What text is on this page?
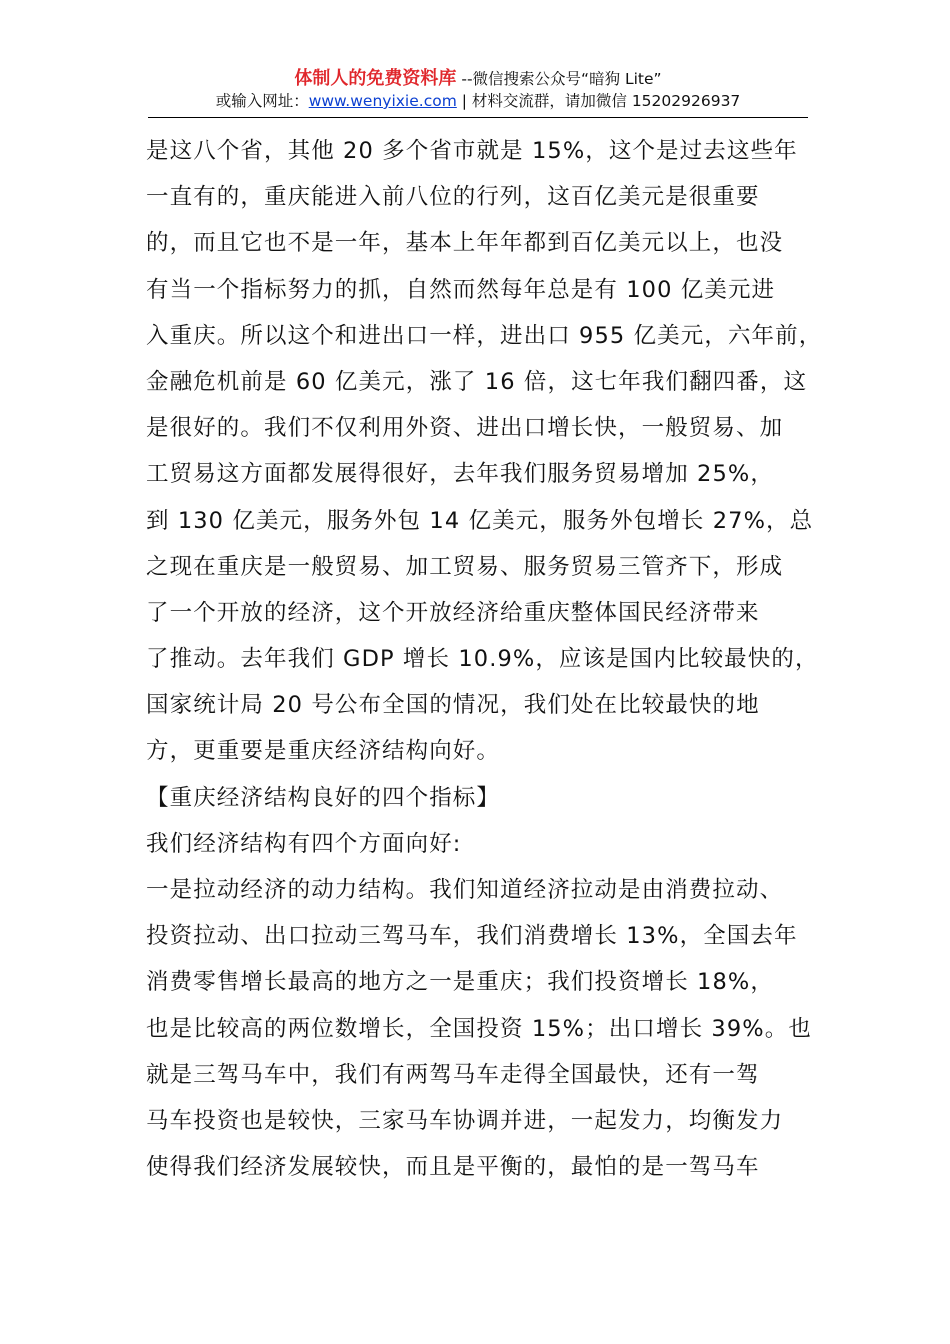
体制人的免费资料库 --微信搜索公众号“暗狗 Lite”
或输入网址：www.wenyixie.com | 材料交流群，请加微信 15202926937
是这八个省，其他 20 多个省市就是 15%，这个是过去这些年
一直有的，重庆能进入前八位的行列，这百亿美元是很重要
的，而且它也不是一年，基本上年年都到百亿美元以上，也没
有当一个指标努力的抓，自然而然每年总是有 100 亿美元进
入重庆。所以这个和进出口一样，进出口 955 亿美元，六年前，
金融危机前是 60 亿美元，涨了 16 倍，这七年我们翻四番，这
是很好的。我们不仅利用外资、进出口增长快，一般贸易、加
工贸易这方面都发展得很好，去年我们服务贸易增加 25%，
到 130 亿美元，服务外包 14 亿美元，服务外包增长 27%，总
之现在重庆是一般贸易、加工贸易、服务贸易三管齐下，形成
了一个开放的经济，这个开放经济给重庆整体国民经济带来
了推动。去年我们 GDP 增长 10.9%，应该是国内比较最快的，
国家统计局 20 号公布全国的情况，我们处在比较最快的地
方，更重要是重庆经济结构向好。
【重庆经济结构良好的四个指标】
我们经济结构有四个方面向好:
一是拉动经济的动力结构。我们知道经济拉动是由消费拉动、
投资拉动、出口拉动三驾马车，我们消费增长 13%，全国去年
消费零售增长最高的地方之一是重庆；我们投资增长 18%，
也是比较高的两位数增长，全国投资 15%；出口增长 39%。也
就是三驾马车中，我们有两驾马车走得全国最快，还有一驾
马车投资也是较快，三家马车协调并进，一起发力，均衡发力
使得我们经济发展较快，而且是平衡的，最怕的是一驾马车
